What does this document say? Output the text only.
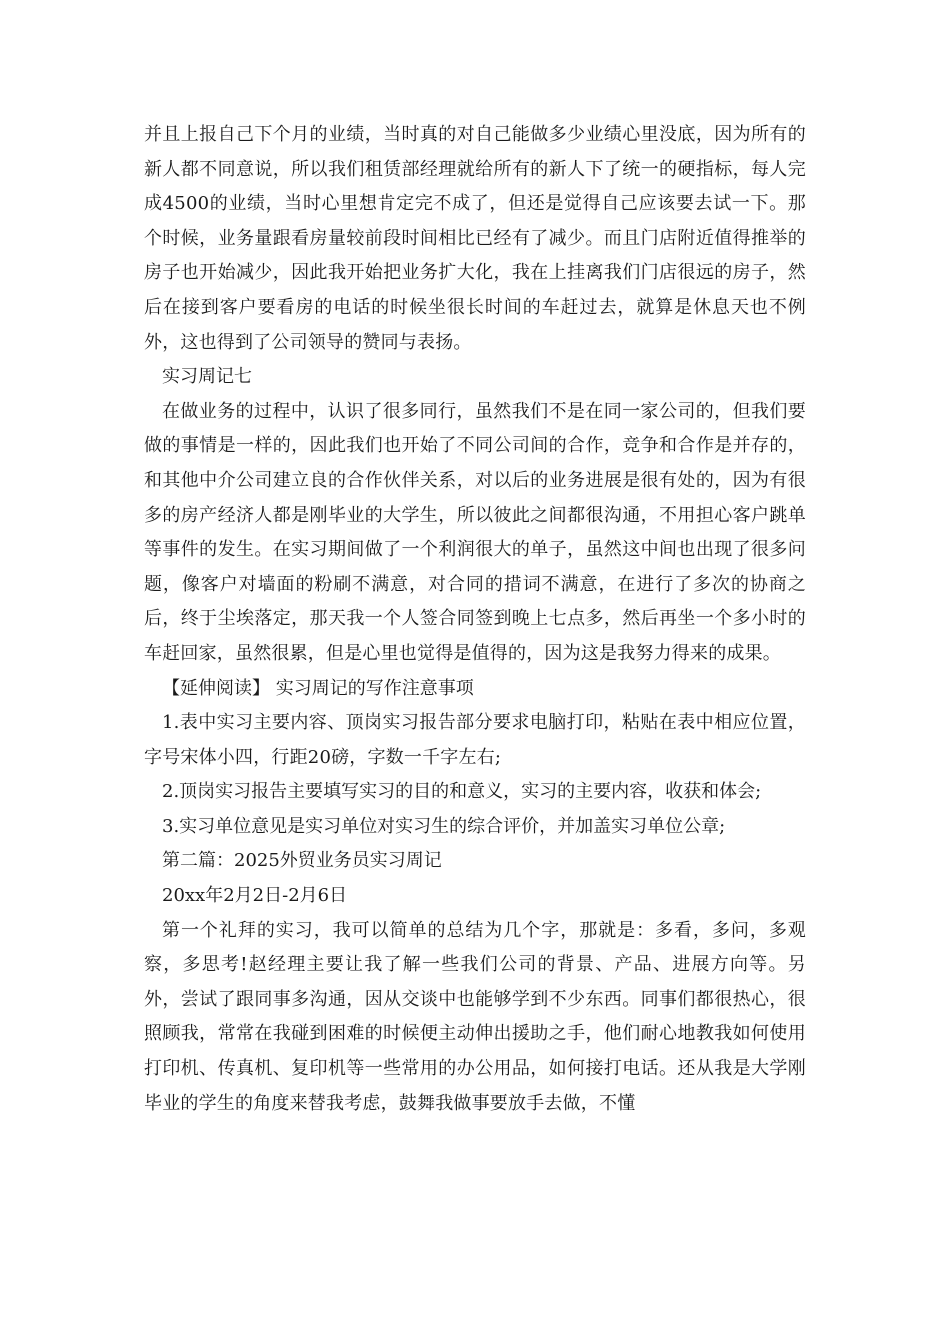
并且上报自己下个月的业绩，当时真的对自己能做多少业绩心里没底，因为所有的新人都不同意说，所以我们租赁部经理就给所有的新人下了统一的硬指标，每人完成4500的业绩，当时心里想肯定完不成了，但还是觉得自己应该要去试一下。那个时候，业务量跟看房量较前段时间相比已经有了减少。而且门店附近值得推举的房子也开始减少，因此我开始把业务扩大化，我在上挂离我们门店很远的房子，然后在接到客户要看房的电话的时候坐很长时间的车赶过去，就算是休息天也不例外，这也得到了公司领导的赞同与表扬。

实习周记七

在做业务的过程中，认识了很多同行，虽然我们不是在同一家公司的，但我们要做的事情是一样的，因此我们也开始了不同公司间的合作，竞争和合作是并存的，和其他中介公司建立良的合作伙伴关系，对以后的业务进展是很有处的，因为有很多的房产经济人都是刚毕业的大学生，所以彼此之间都很沟通，不用担心客户跳单等事件的发生。在实习期间做了一个利润很大的单子，虽然这中间也出现了很多问题，像客户对墙面的粉刷不满意，对合同的措词不满意，在进行了多次的协商之后，终于尘埃落定，那天我一个人签合同签到晚上七点多，然后再坐一个多小时的车赶回家，虽然很累，但是心里也觉得是值得的，因为这是我努力得来的成果。

【延伸阅读】 实习周记的写作注意事项

1.表中实习主要内容、顶岗实习报告部分要求电脑打印，粘贴在表中相应位置，字号宋体小四，行距20磅，字数一千字左右;

2.顶岗实习报告主要填写实习的目的和意义，实习的主要内容，收获和体会;

3.实习单位意见是实习单位对实习生的综合评价，并加盖实习单位公章;

第二篇：2025外贸业务员实习周记

20xx年2月2日-2月6日

第一个礼拜的实习，我可以简单的总结为几个字，那就是：多看，多问，多观察，多思考!赵经理主要让我了解一些我们公司的背景、产品、进展方向等。另外，尝试了跟同事多沟通，因从交谈中也能够学到不少东西。同事们都很热心，很照顾我，常常在我碰到困难的时候便主动伸出援助之手，他们耐心地教我如何使用打印机、传真机、复印机等一些常用的办公用品，如何接打电话。还从我是大学刚毕业的学生的角度来替我考虑，鼓舞我做事要放手去做，不懂
